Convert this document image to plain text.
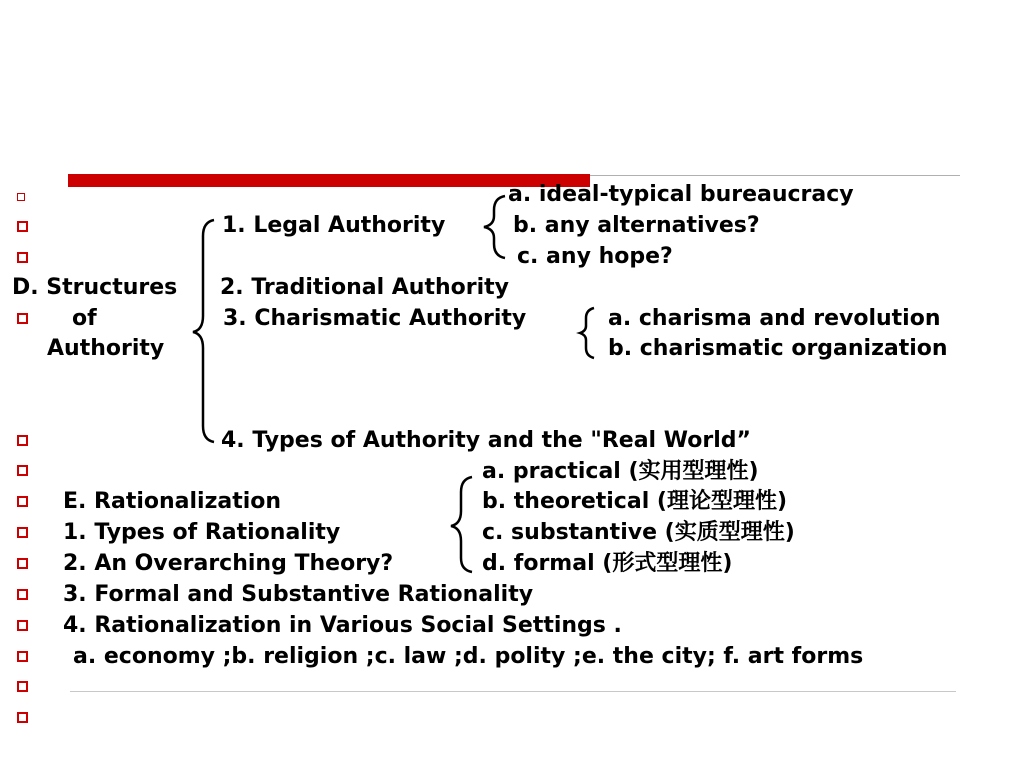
a. ideal-typical bureaucracy
1. Legal Authority	b. any alternatives?
c. any hope?
D. Structures 2. Traditional Authority
of	3. Charismatic Authority	a. charisma and revolution
Authority	b. charismatic organization
4. Types of Authority and the "Real World”
a. practical (实用型理性)
E. Rationalization	b. theoretical (理论型理性)
1. Types of Rationality	c. substantive (实质型理性)
2. An Overarching Theory?	d. formal (形式型理性)
3. Formal and Substantive Rationality
4. Rationalization in Various Social Settings .
a. economy ;b. religion ;c. law ;d. polity ;e. the city; f. art forms
